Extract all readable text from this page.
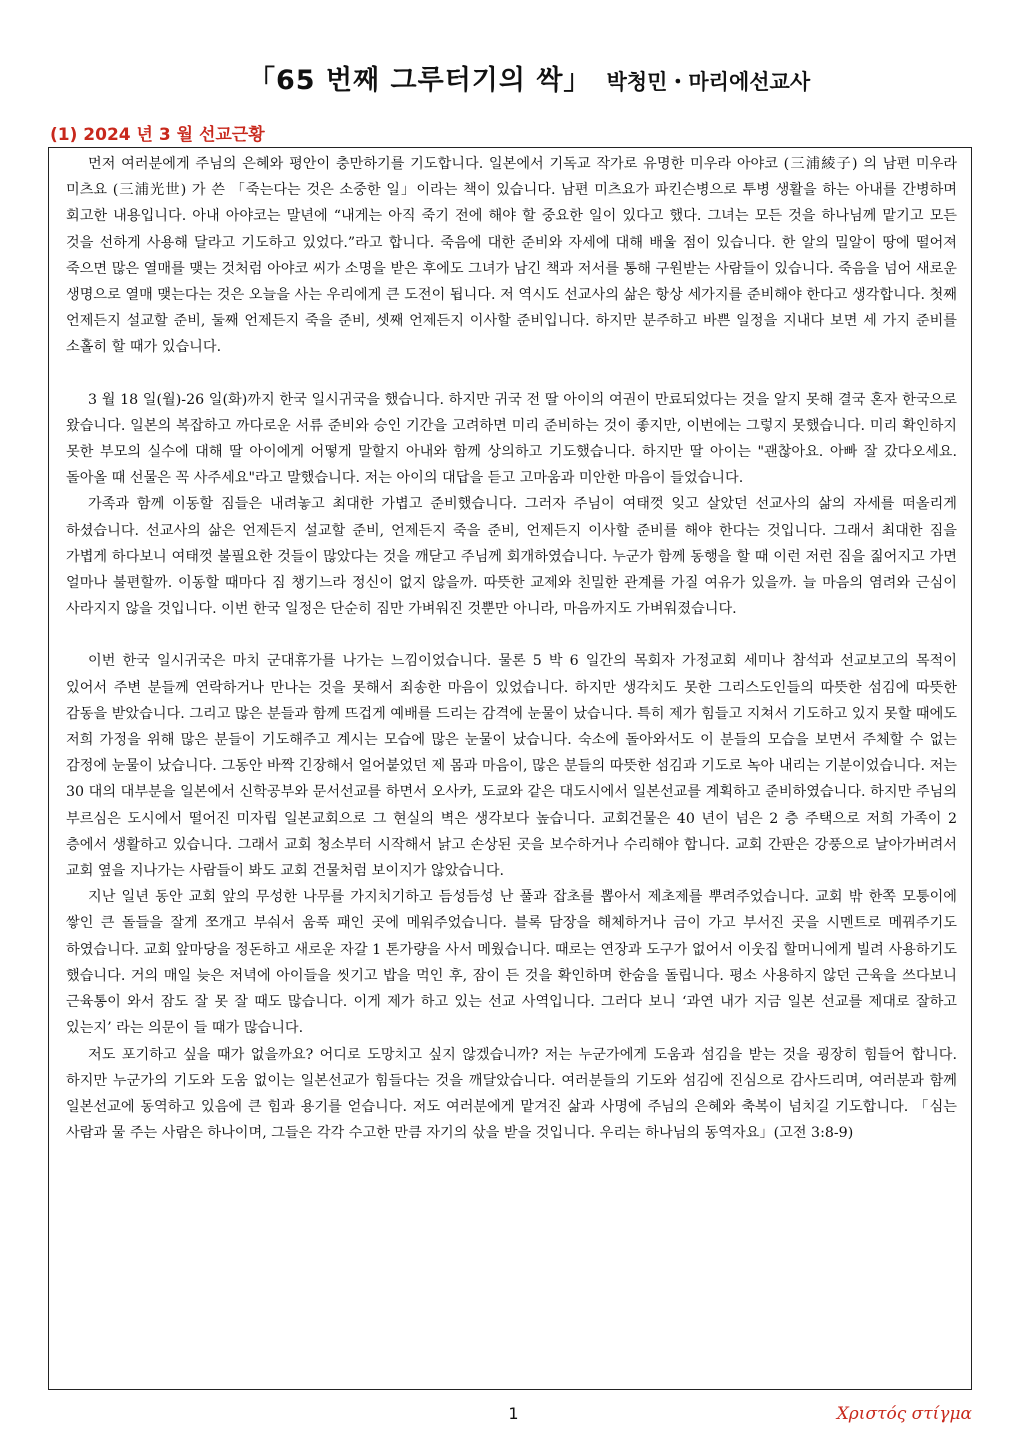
「65 번째 그루터기의 싹」 박청민・마리에선교사
(1) 2024 년 3 월 선교근황

먼저 여러분에게 주님의 은혜와 평안이 충만하기를 기도합니다. 일본에서 기독교 작가로 유명한 미우라 아야코 (三浦綾子) 의 남편 미우라 미츠요 (三浦光世) 가 쓴 「죽는다는 것은 소중한 일」이라는 책이 있습니다. 남편 미츠요가 파킨슨병으로 투병 생활을 하는 아내를 간병하며 회고한 내용입니다. 아내 아야코는 말년에 “내게는 아직 죽기 전에 해야 할 중요한 일이 있다고 했다. 그녀는 모든 것을 하나님께 맡기고 모든 것을 선하게 사용해 달라고 기도하고 있었다.”라고 합니다. 죽음에 대한 준비와 자세에 대해 배울 점이 있습니다. 한 알의 밀알이 땅에 떨어져 죽으면 많은 열매를 맺는 것처럼 아야코 씨가 소명을 받은 후에도 그녀가 남긴 책과 저서를 통해 구원받는 사람들이 있습니다. 죽음을 넘어 새로운 생명으로 열매 맺는다는 것은 오늘을 사는 우리에게 큰 도전이 됩니다. 저 역시도 선교사의 삶은 항상 세가지를 준비해야 한다고 생각합니다. 첫째 언제든지 설교할 준비, 둘째 언제든지 죽을 준비, 셋째 언제든지 이사할 준비입니다. 하지만 분주하고 바쁜 일정을 지내다 보면 세 가지 준비를 소홀히 할 때가 있습니다.

3 월 18 일(월)-26 일(화)까지 한국 일시귀국을 했습니다. 하지만 귀국 전 딸 아이의 여권이 만료되었다는 것을 알지 못해 결국 혼자 한국으로 왔습니다. 일본의 복잡하고 까다로운 서류 준비와 승인 기간을 고려하면 미리 준비하는 것이 좋지만, 이번에는 그렇지 못했습니다. 미리 확인하지 못한 부모의 실수에 대해 딸 아이에게 어떻게 말할지 아내와 함께 상의하고 기도했습니다. 하지만 딸 아이는 "괜찮아요. 아빠 잘 갔다오세요. 돌아올 때 선물은 꼭 사주세요"라고 말했습니다. 저는 아이의 대답을 듣고 고마움과 미안한 마음이 들었습니다.

가족과 함께 이동할 짐들은 내려놓고 최대한 가볍고 준비했습니다. 그러자 주님이 여태껏 잊고 살았던 선교사의 삶의 자세를 떠올리게 하셨습니다. 선교사의 삶은 언제든지 설교할 준비, 언제든지 죽을 준비, 언제든지 이사할 준비를 해야 한다는 것입니다. 그래서 최대한 짐을 가볍게 하다보니 여태껏 불필요한 것들이 많았다는 것을 깨닫고 주님께 회개하였습니다. 누군가 함께 동행을 할 때 이런 저런 짐을 짊어지고 가면 얼마나 불편할까. 이동할 때마다 짐 챙기느라 정신이 없지 않을까. 따뜻한 교제와 친밀한 관계를 가질 여유가 있을까. 늘 마음의 염려와 근심이 사라지지 않을 것입니다. 이번 한국 일정은 단순히 짐만 가벼워진 것뿐만 아니라, 마음까지도 가벼워졌습니다.

이번 한국 일시귀국은 마치 군대휴가를 나가는 느낌이었습니다. 물론 5 박 6 일간의 목회자 가정교회 세미나 참석과 선교보고의 목적이 있어서 주변 분들께 연락하거나 만나는 것을 못해서 죄송한 마음이 있었습니다. 하지만 생각치도 못한 그리스도인들의 따뜻한 섬김에 따뜻한 감동을 받았습니다. 그리고 많은 분들과 함께 뜨겁게 예배를 드리는 감격에 눈물이 났습니다. 특히 제가 힘들고 지쳐서 기도하고 있지 못할 때에도 저희 가정을 위해 많은 분들이 기도해주고 계시는 모습에 많은 눈물이 났습니다. 숙소에 돌아와서도 이 분들의 모습을 보면서 주체할 수 없는 감정에 눈물이 났습니다. 그동안 바짝 긴장해서 얼어붙었던 제 몸과 마음이, 많은 분들의 따뜻한 섬김과 기도로 녹아 내리는 기분이었습니다. 저는 30 대의 대부분을 일본에서 신학공부와 문서선교를 하면서 오사카, 도쿄와 같은 대도시에서 일본선교를 계획하고 준비하였습니다. 하지만 주님의 부르심은 도시에서 떨어진 미자립 일본교회으로 그 현실의 벽은 생각보다 높습니다. 교회건물은 40 년이 넘은 2 층 주택으로 저희 가족이 2 층에서 생활하고 있습니다. 그래서 교회 청소부터 시작해서 낡고 손상된 곳을 보수하거나 수리해야 합니다. 교회 간판은 강풍으로 날아가버려서 교회 옆을 지나가는 사람들이 봐도 교회 건물처럼 보이지가 않았습니다.

지난 일년 동안 교회 앞의 무성한 나무를 가지치기하고 듬성듬성 난 풀과 잡초를 뽑아서 제초제를 뿌려주었습니다. 교회 밖 한쪽 모퉁이에 쌓인 큰 돌들을 잘게 쪼개고 부숴서 움푹 패인 곳에 메워주었습니다. 블록 담장을 해체하거나 금이 가고 부서진 곳을 시멘트로 메꿔주기도 하였습니다. 교회 앞마당을 정돈하고 새로운 자갈 1 톤가량을 사서 메웠습니다. 때로는 연장과 도구가 없어서 이웃집 할머니에게 빌려 사용하기도 했습니다. 거의 매일 늦은 저녁에 아이들을 씻기고 밥을 먹인 후, 잠이 든 것을 확인하며 한숨을 돌립니다. 평소 사용하지 않던 근육을 쓰다보니 근육통이 와서 잠도 잘 못 잘 때도 많습니다. 이게 제가 하고 있는 선교 사역입니다. 그러다 보니 ‘과연 내가 지금 일본 선교를 제대로 잘하고 있는지’ 라는 의문이 들 때가 많습니다.

저도 포기하고 싶을 때가 없을까요? 어디로 도망치고 싶지 않겠습니까? 저는 누군가에게 도움과 섬김을 받는 것을 굉장히 힘들어 합니다. 하지만 누군가의 기도와 도움 없이는 일본선교가 힘들다는 것을 깨달았습니다. 여러분들의 기도와 섬김에 진심으로 감사드리며, 여러분과 함께 일본선교에 동역하고 있음에 큰 힘과 용기를 얻습니다. 저도 여러분에게 맡겨진 삶과 사명에 주님의 은혜와 축복이 넘치길 기도합니다. 「심는 사람과 물 주는 사람은 하나이며, 그들은 각각 수고한 만큼 자기의 삯을 받을 것입니다. 우리는 하나님의 동역자요」(고전 3:8-9)

1	Χριστός στίγμα
